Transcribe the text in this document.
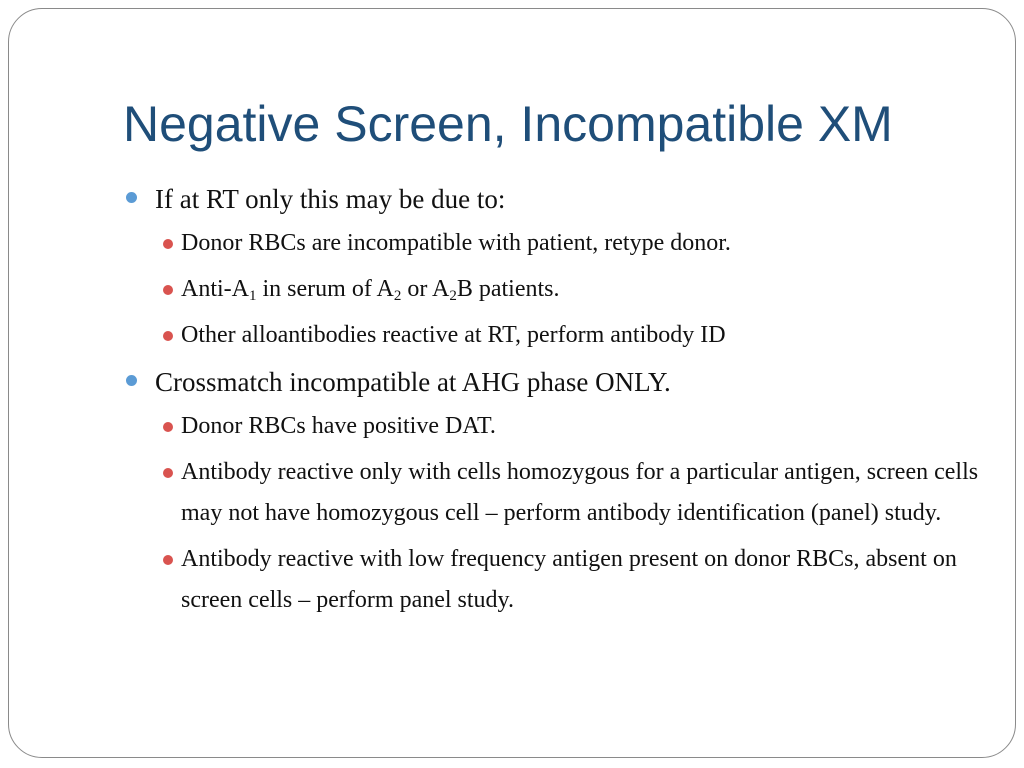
Negative Screen, Incompatible XM
If at RT only this may be due to:
Donor RBCs are incompatible with patient, retype donor.
Anti-$A_1$ in serum of $A_2$ or $A_2B$ patients.
Other alloantibodies reactive at RT, perform antibody ID
Crossmatch incompatible at AHG phase ONLY.
Donor RBCs have positive DAT.
Antibody reactive only with cells homozygous for a particular antigen, screen cells may not have homozygous cell – perform antibody identification (panel) study.
Antibody reactive with low frequency antigen present on donor RBCs, absent on screen cells – perform panel study.
